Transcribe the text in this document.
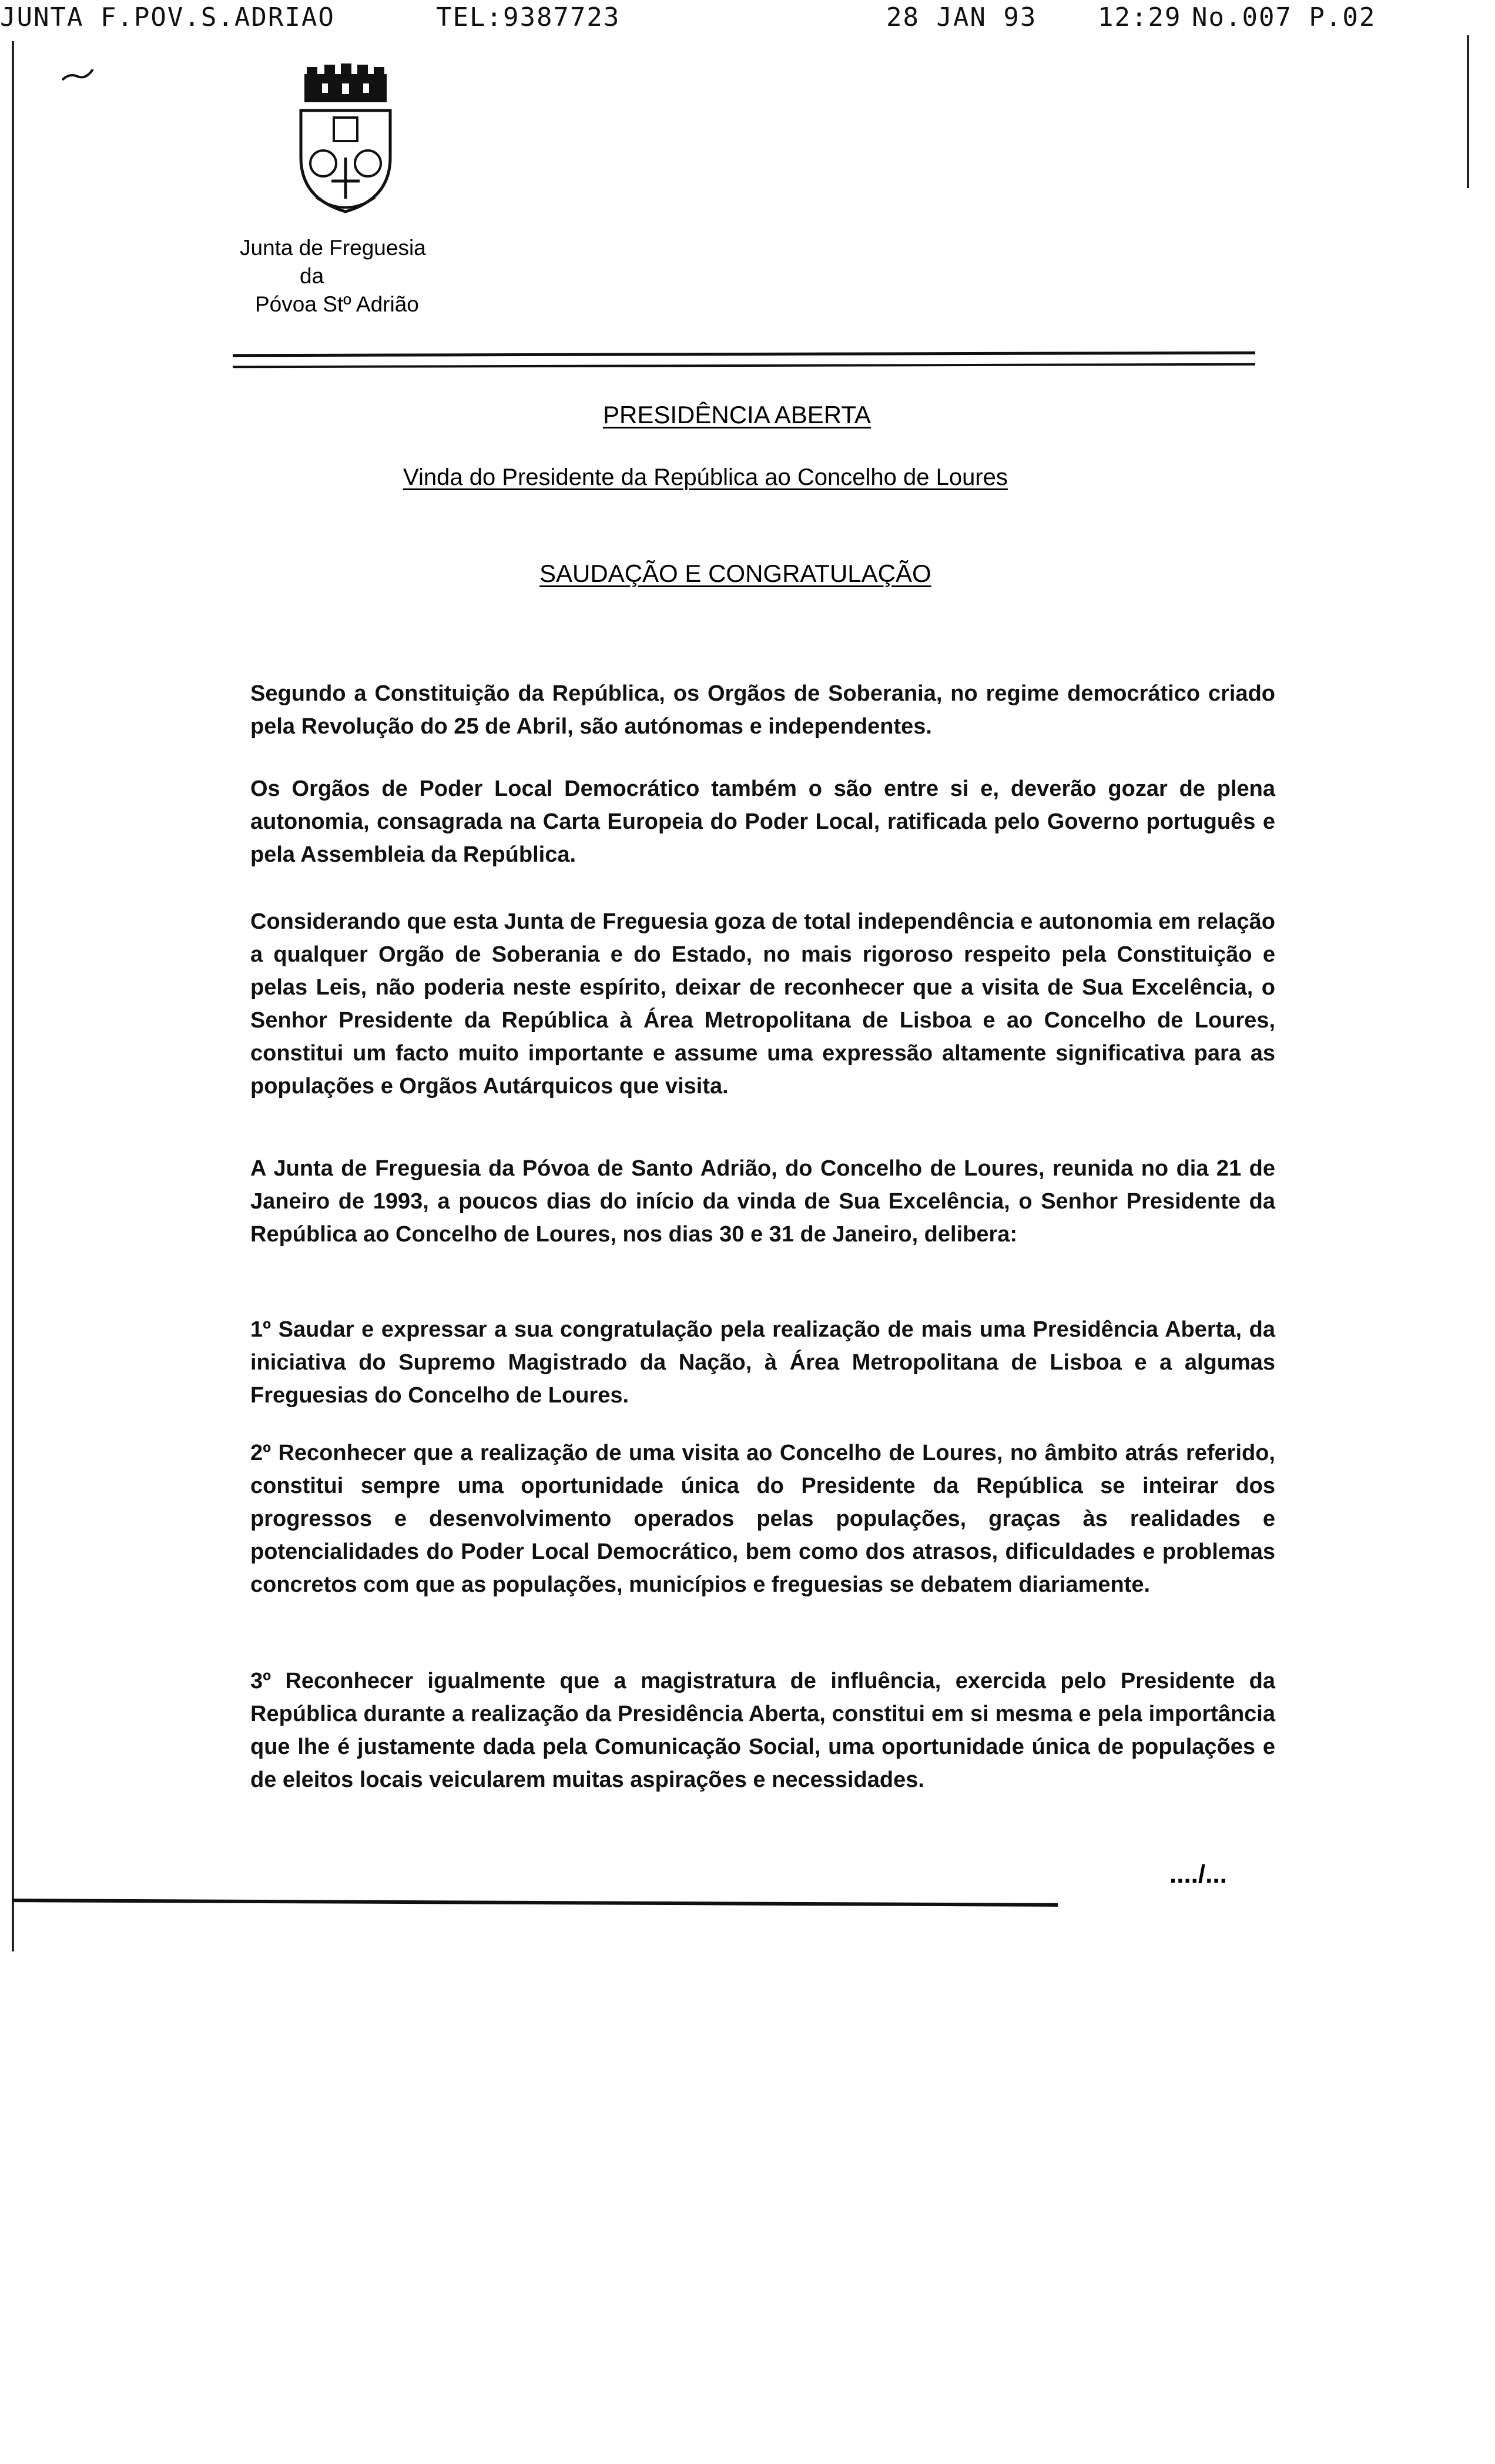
JUNTA F.POV.S.ADRIAO	TEL:9387723	28 JAN 93 12:29 No.007 P.02
Junta de Freguesia
da
Póvoa Stº Adrião
PRESIDÊNCIA ABERTA
Vinda do Presidente da República ao Concelho de Loures
SAUDAÇÃO E CONGRATULAÇÃO
Segundo a Constituição da República, os Orgãos de Soberania, no regime democrático criado pela Revolução do 25 de Abril, são autónomas e independentes.
Os Orgãos de Poder Local Democrático também o são entre si e, deverão gozar de plena autonomia, consagrada na Carta Europeia do Poder Local, ratificada pelo Governo português e pela Assembleia da República.
Considerando que esta Junta de Freguesia goza de total independência e autonomia em relação a qualquer Orgão de Soberania e do Estado, no mais rigoroso respeito pela Constituição e pelas Leis, não poderia neste espírito, deixar de reconhecer que a visita de Sua Excelência, o Senhor Presidente da República à Área Metropolitana de Lisboa e ao Concelho de Loures, constitui um facto muito importante e assume uma expressão altamente significativa para as populações e Orgãos Autárquicos que visita.
A Junta de Freguesia da Póvoa de Santo Adrião, do Concelho de Loures, reunida no dia 21 de Janeiro de 1993, a poucos dias do início da vinda de Sua Excelência, o Senhor Presidente da República ao Concelho de Loures, nos dias 30 e 31 de Janeiro, delibera:
1º Saudar e expressar a sua congratulação pela realização de mais uma Presidência Aberta, da iniciativa do Supremo Magistrado da Nação, à Área Metropolitana de Lisboa e a algumas Freguesias do Concelho de Loures.
2º Reconhecer que a realização de uma visita ao Concelho de Loures, no âmbito atrás referido, constitui sempre uma oportunidade única do Presidente da República se inteirar dos progressos e desenvolvimento operados pelas populações, graças às realidades e potencialidades do Poder Local Democrático, bem como dos atrasos, dificuldades e problemas concretos com que as populações, municípios e freguesias se debatem diariamente.
3º Reconhecer igualmente que a magistratura de influência, exercida pelo Presidente da República durante a realização da Presidência Aberta, constitui em si mesma e pela importância que lhe é justamente dada pela Comunicação Social, uma oportunidade única de populações e de eleitos locais veicularem muitas aspirações e necessidades.
..../...
